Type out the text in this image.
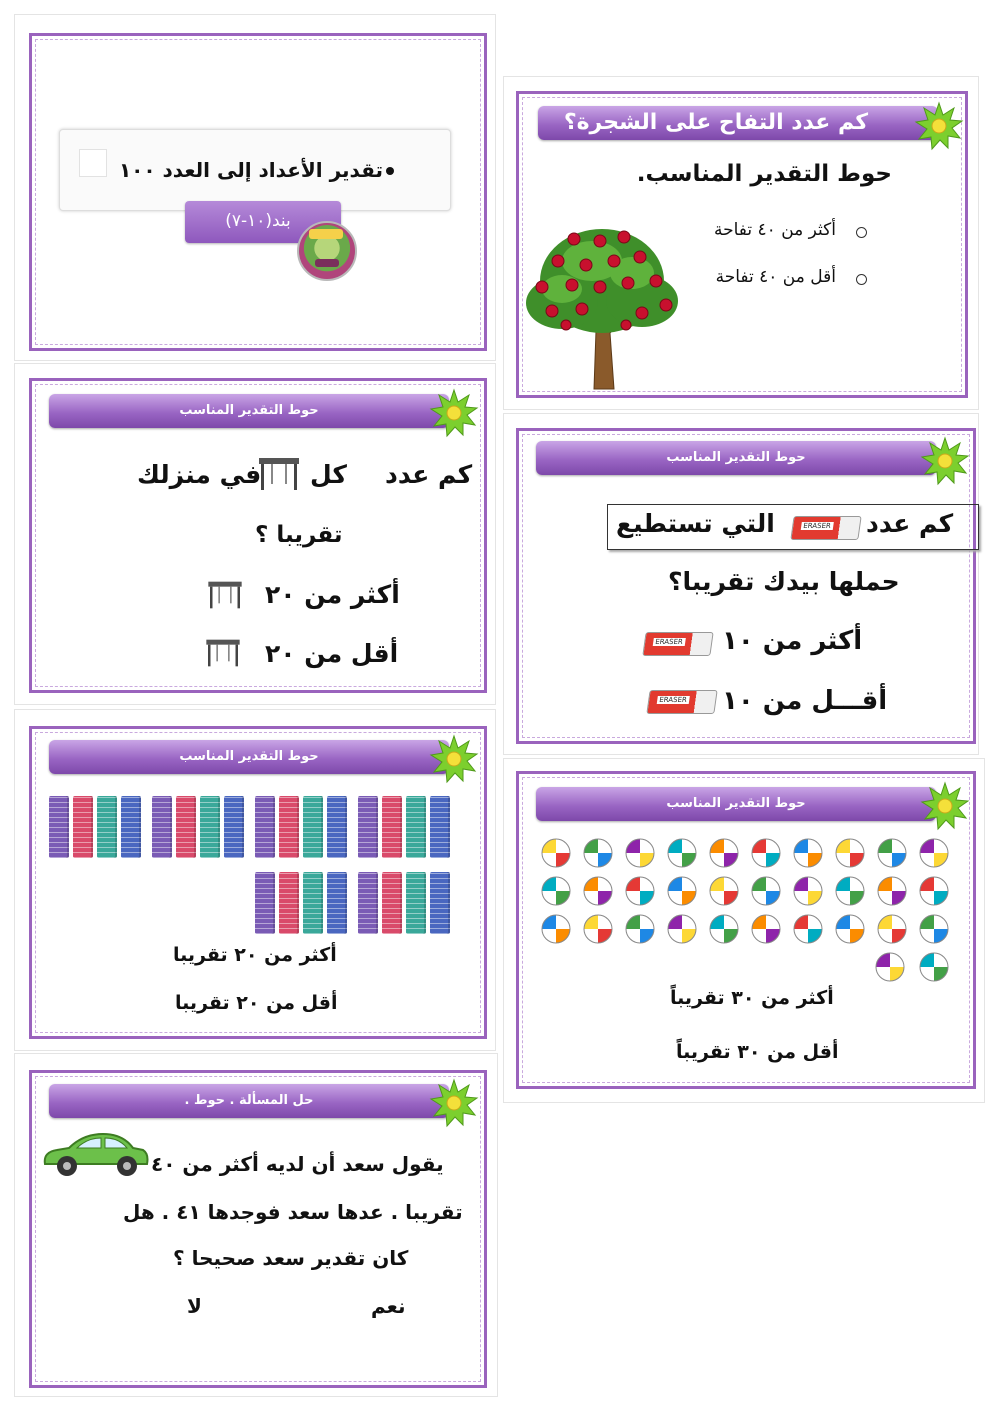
تقدير الأعداد إلى العدد ١٠٠
بند(١٠-٧)
كم عدد التفاح على الشجرة؟
حوط التقدير المناسب.
أكثر من ٤٠ تفاحة
أقل من ٤٠ تفاحة
حوط التقدير المناسب
كم عدد
كل
في منزلك
تقريبا ؟
أكثر من ٢٠
أقل من ٢٠
حوط التقدير المناسب
كم عدد
ERASER
التي تستطيع
حملها بيدك تقريبا؟
أكثر من ١٠
ERASER
أقـــل من ١٠
ERASER
حوط التقدير المناسب
أكثر من ٢٠ تقريبا
أقل من ٢٠ تقريبا
حوط التقدير المناسب
أكثر من ٣٠ تقريباً
أقل من ٣٠ تقريباً
حل المسألة . حوط .
يقول سعد أن لديه أكثر من ٤٠
تقريبا . عدها سعد فوجدها ٤١ . هل
كان تقدير سعد صحيحا ؟
نعم
لا
